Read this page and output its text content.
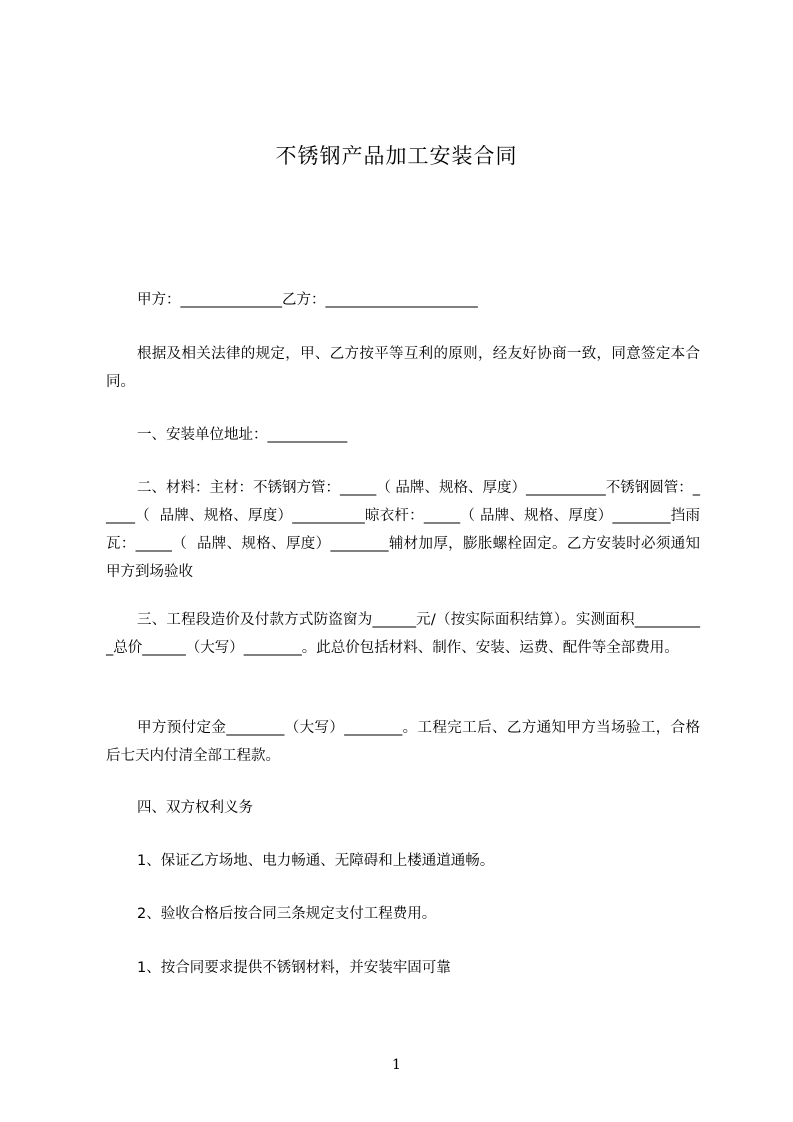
不锈钢产品加工安装合同
甲方：______________乙方：_____________________
根据及相关法律的规定，甲、乙方按平等互利的原则，经友好协商一致，同意签定本合同。
一、安装单位地址：___________
二、材料：主材：不锈钢方管：_____（ 品牌、规格、厚度）___________不锈钢圆管：_____（  品牌、规格、厚度）__________晾衣杆：_____（ 品牌、规格、厚度）________挡雨瓦：_____（  品牌、规格、厚度）________辅材加厚，膨胀螺栓固定。乙方安装时必须通知甲方到场验收
三、工程段造价及付款方式防盗窗为______元/（按实际面积结算）。实测面积__________总价______（大写）________。此总价包括材料、制作、安装、运费、配件等全部费用。
甲方预付定金________（大写）________。工程完工后、乙方通知甲方当场验工，合格后七天内付清全部工程款。
四、双方权利义务
1、保证乙方场地、电力畅通、无障碍和上楼通道通畅。
2、验收合格后按合同三条规定支付工程费用。
1、按合同要求提供不锈钢材料，并安装牢固可靠
1
